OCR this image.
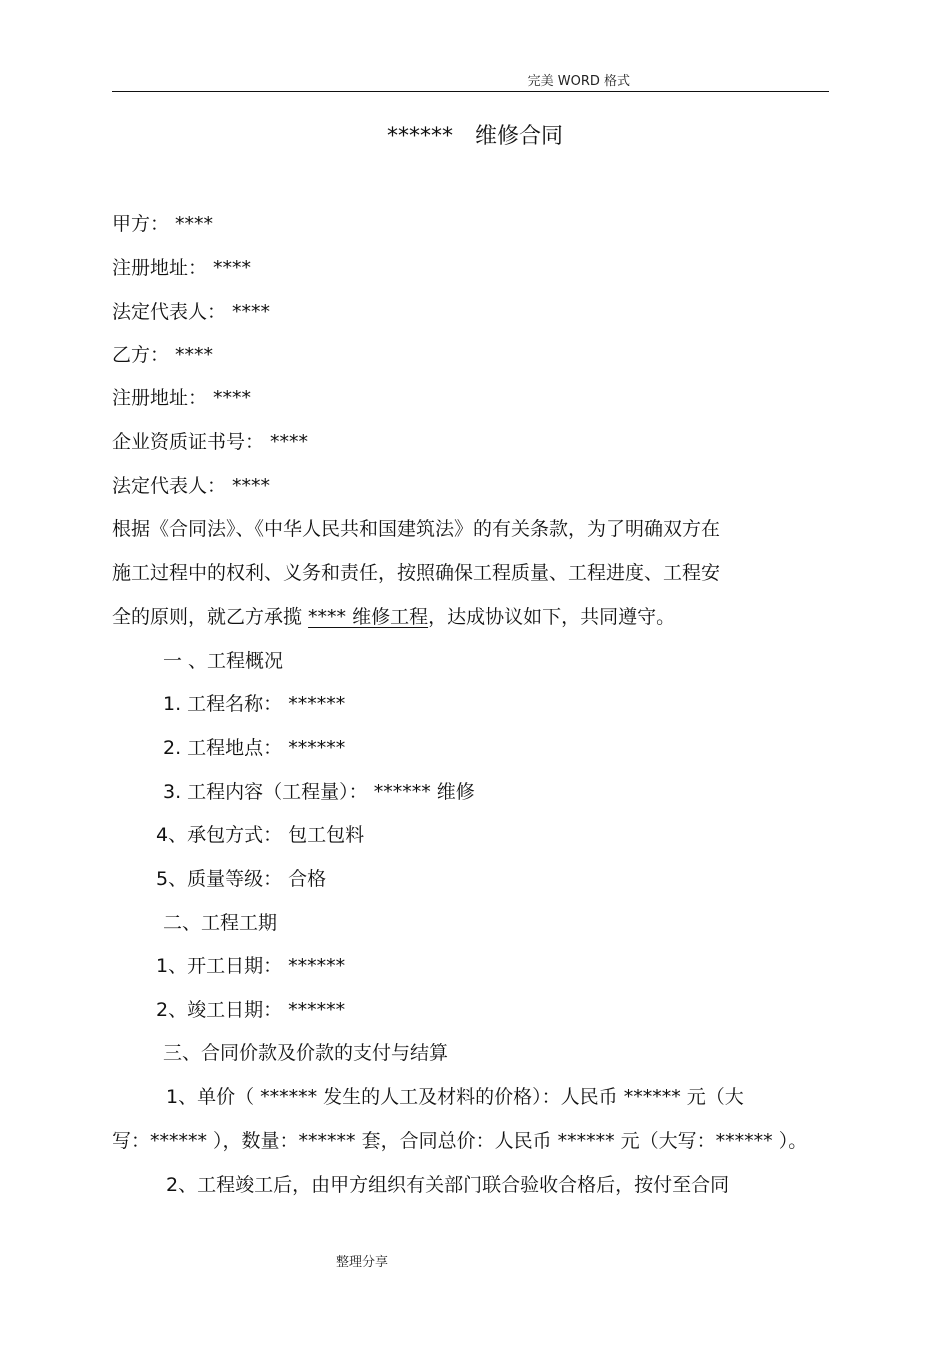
完美 WORD 格式
****** 维修合同
甲方： ****
注册地址： ****
法定代表人： ****
乙方： ****
注册地址： ****
企业资质证书号： ****
法定代表人： ****
根据《合同法》、《中华人民共和国建筑法》的有关条款，为了明确双方在
施工过程中的权利、义务和责任，按照确保工程质量、工程进度、工程安
全的原则，就乙方承揽 **** 维修工程，达成协议如下，共同遵守。
一 、工程概况
1. 工程名称： ******
2. 工程地点： ******
3. 工程内容（工程量）： ****** 维修
4、承包方式： 包工包料
5、质量等级： 合格
二、工程工期
1、开工日期： ******
2、竣工日期： ******
三、合同价款及价款的支付与结算
1、单价（ ****** 发生的人工及材料的价格）：人民币 ****** 元（大
写：****** ），数量：****** 套，合同总价：人民币 ****** 元（大写：****** ）。
2、工程竣工后，由甲方组织有关部门联合验收合格后，按付至合同
整理分享
